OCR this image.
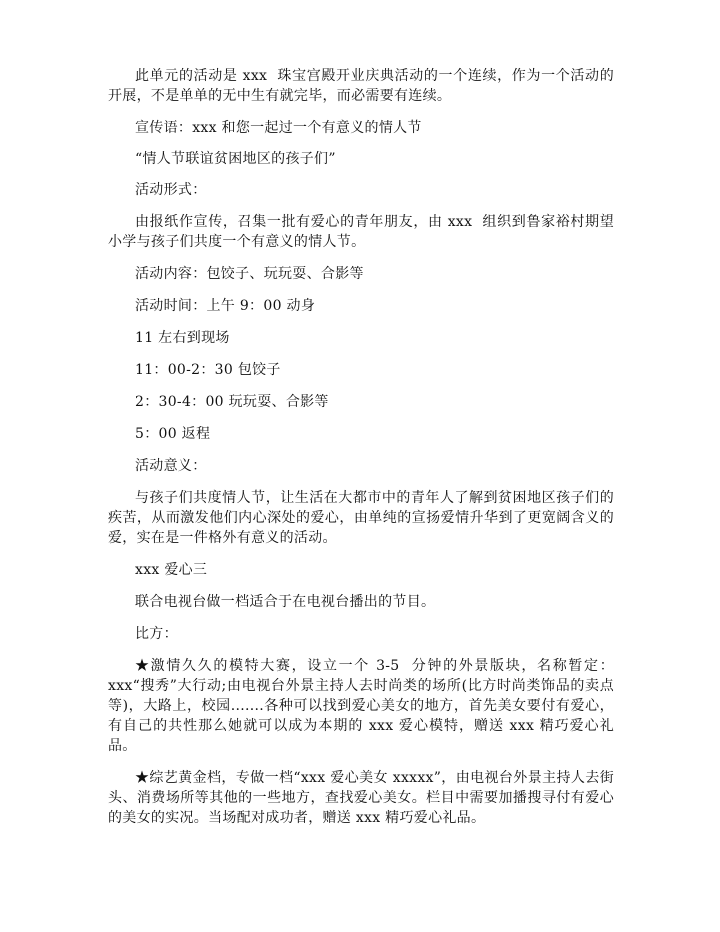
此单元的活动是 xxx  珠宝宫殿开业庆典活动的一个连续，作为一个活动的开展，不是单单的无中生有就完毕，而必需要有连续。

宣传语：xxx 和您一起过一个有意义的情人节

“情人节联谊贫困地区的孩子们”

活动形式：

由报纸作宣传，召集一批有爱心的青年朋友，由 xxx  组织到鲁家裕村期望小学与孩子们共度一个有意义的情人节。

活动内容：包饺子、玩玩耍、合影等

活动时间：上午 9：00 动身

11 左右到现场

11：00-2：30 包饺子

2：30-4：00 玩玩耍、合影等

5：00 返程

活动意义：

与孩子们共度情人节，让生活在大都市中的青年人了解到贫困地区孩子们的疾苦，从而激发他们内心深处的爱心，由单纯的宣扬爱情升华到了更宽阔含义的爱，实在是一件格外有意义的活动。

xxx 爱心三

联合电视台做一档适合于在电视台播出的节目。

比方：

★激情久久的模特大赛，设立一个 3-5  分钟的外景版块，名称暂定：xxx“搜秀”大行动;由电视台外景主持人去时尚类的场所(比方时尚类饰品的卖点等)，大路上，校园.......各种可以找到爱心美女的地方，首先美女要付有爱心，有自己的共性那么她就可以成为本期的 xxx 爱心模特，赠送 xxx 精巧爱心礼品。

★综艺黄金档，专做一档“xxx 爱心美女 xxxxx”，由电视台外景主持人去街头、消费场所等其他的一些地方，查找爱心美女。栏目中需要加播搜寻付有爱心的美女的实况。当场配对成功者，赠送 xxx 精巧爱心礼品。
